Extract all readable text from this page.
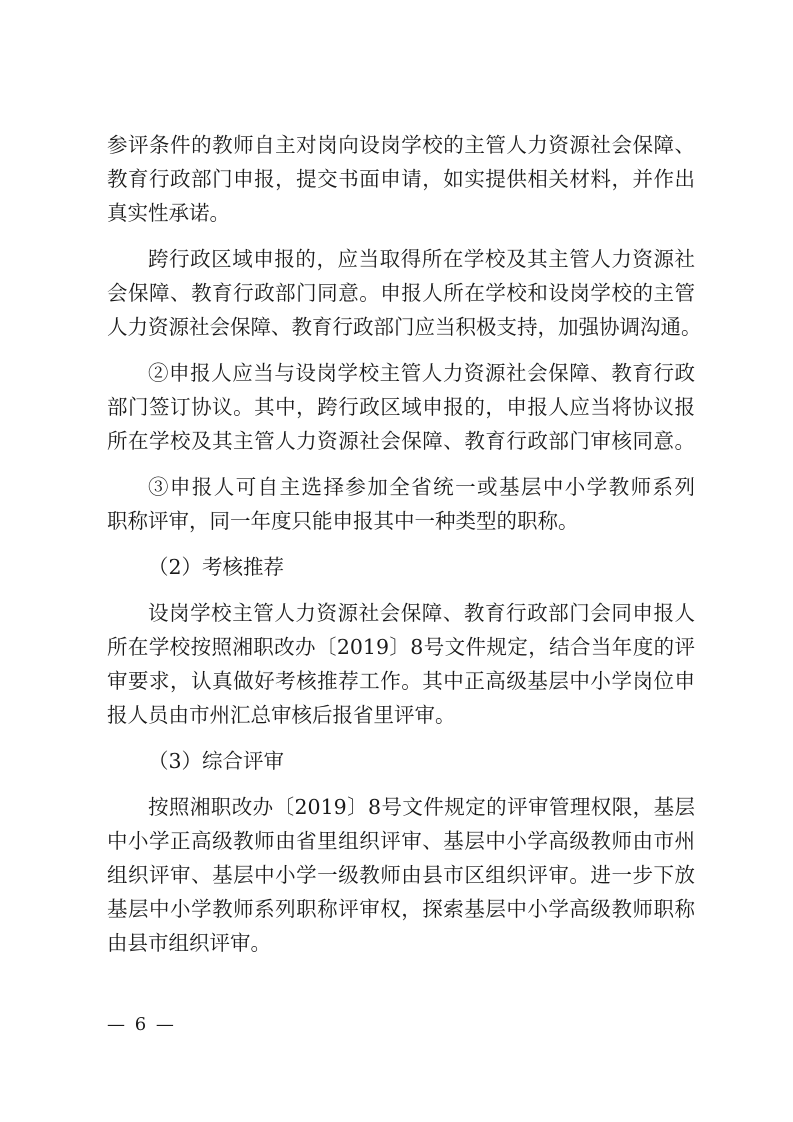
参评条件的教师自主对岗向设岗学校的主管人力资源社会保障、
教育行政部门申报，提交书面申请，如实提供相关材料，并作出
真实性承诺。
跨行政区域申报的，应当取得所在学校及其主管人力资源社
会保障、教育行政部门同意。申报人所在学校和设岗学校的主管
人力资源社会保障、教育行政部门应当积极支持，加强协调沟通。
②申报人应当与设岗学校主管人力资源社会保障、教育行政
部门签订协议。其中，跨行政区域申报的，申报人应当将协议报
所在学校及其主管人力资源社会保障、教育行政部门审核同意。
③申报人可自主选择参加全省统一或基层中小学教师系列
职称评审，同一年度只能申报其中一种类型的职称。
（2）考核推荐
设岗学校主管人力资源社会保障、教育行政部门会同申报人
所在学校按照湘职改办〔2019〕8号文件规定，结合当年度的评
审要求，认真做好考核推荐工作。其中正高级基层中小学岗位申
报人员由市州汇总审核后报省里评审。
（3）综合评审
按照湘职改办〔2019〕8号文件规定的评审管理权限，基层
中小学正高级教师由省里组织评审、基层中小学高级教师由市州
组织评审、基层中小学一级教师由县市区组织评审。进一步下放
基层中小学教师系列职称评审权，探索基层中小学高级教师职称
由县市组织评审。
— 6 —
